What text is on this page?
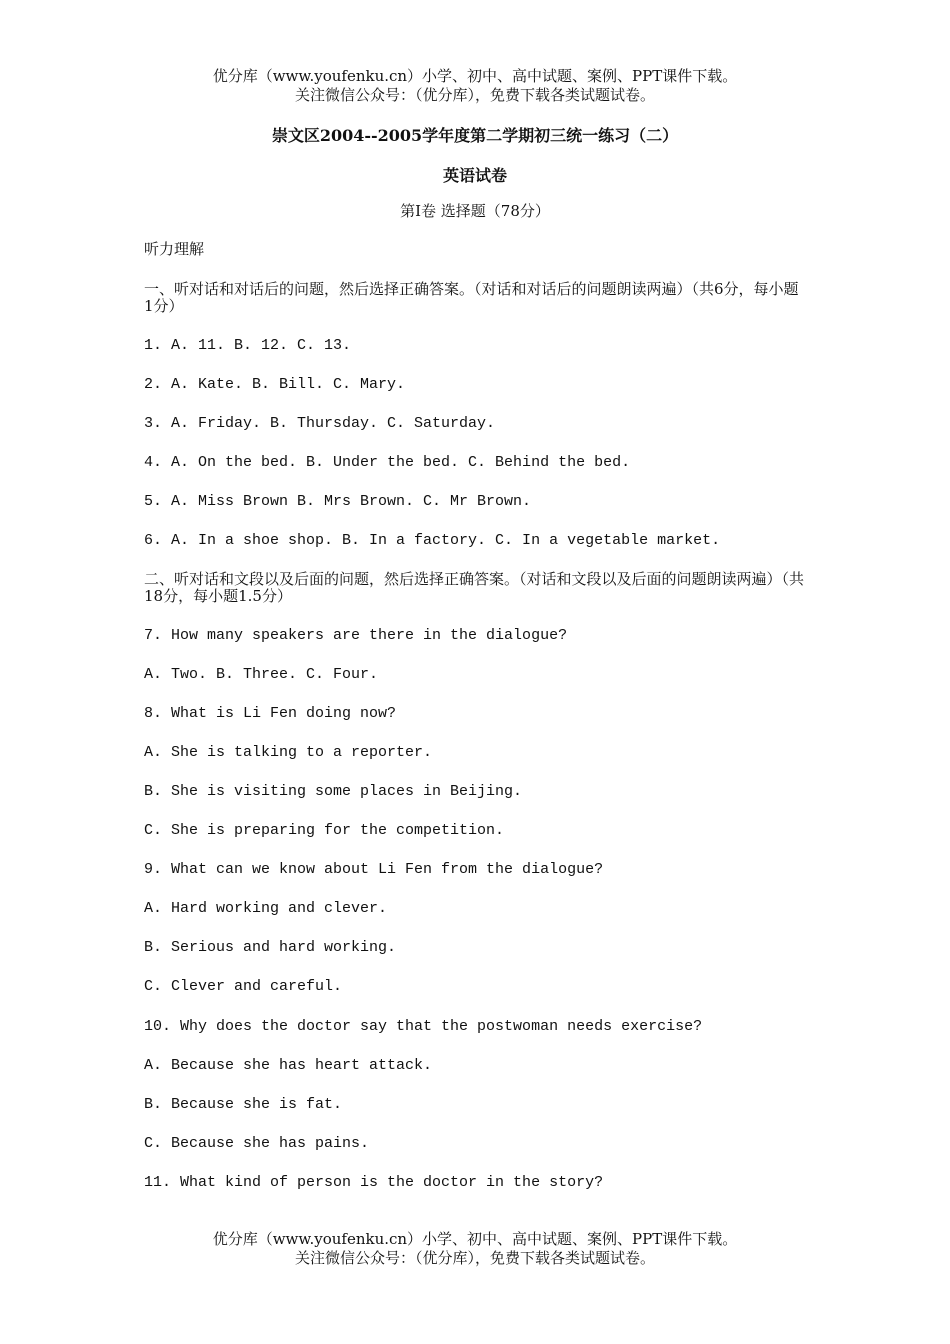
优分库（www.youfenku.cn）小学、初中、高中试题、案例、PPT课件下载。
关注微信公众号：（优分库），免费下载各类试题试卷。
崇文区2004--2005学年度第二学期初三统一练习（二）
英语试卷
第Ⅰ卷 选择题（78分）
听力理解
一、听对话和对话后的问题，然后选择正确答案。（对话和对话后的问题朗读两遍）（共6分，每小题1分）
1. A. 11. B. 12. C. 13.
2. A. Kate. B. Bill. C. Mary.
3. A. Friday. B. Thursday. C. Saturday.
4. A. On the bed. B. Under the bed. C. Behind the bed.
5. A. Miss Brown B. Mrs Brown. C. Mr Brown.
6. A. In a shoe shop. B. In a factory. C. In a vegetable market.
二、听对话和文段以及后面的问题，然后选择正确答案。（对话和文段以及后面的问题朗读两遍）（共18分，每小题1.5分）
7. How many speakers are there in the dialogue?
A. Two. B. Three. C. Four.
8. What is Li Fen doing now?
A. She is talking to a reporter.
B. She is visiting some places in Beijing.
C. She is preparing for the competition.
9. What can we know about Li Fen from the dialogue?
A. Hard working and clever.
B. Serious and hard working.
C. Clever and careful.
10. Why does the doctor say that the postwoman needs exercise?
A. Because she has heart attack.
B. Because she is fat.
C. Because she has pains.
11. What kind of person is the doctor in the story?
优分库（www.youfenku.cn）小学、初中、高中试题、案例、PPT课件下载。
关注微信公众号：（优分库），免费下载各类试题试卷。
